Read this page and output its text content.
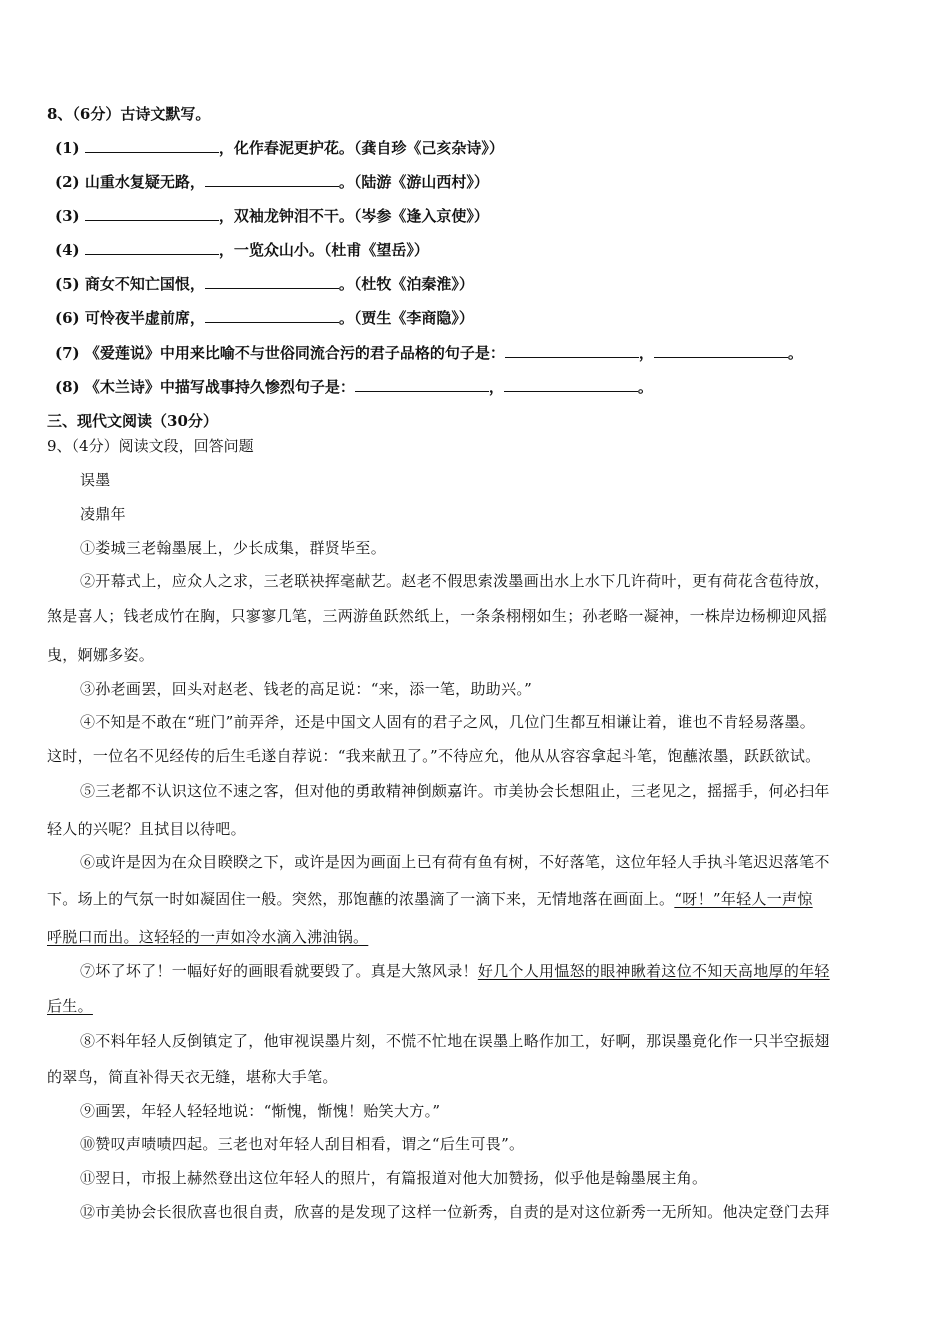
8、（6分）古诗文默写。
(1)	，化作春泥更护花。（龚自珍《己亥杂诗》）
(2) 山重水复疑无路，	。（陆游《游山西村》）
(3)	，双袖龙钟泪不干。（岑参《逢入京使》）
(4)	，一览众山小。（杜甫《望岳》）
(5) 商女不知亡国恨，	。（杜牧《泊秦淮》）
(6) 可怜夜半虚前席，	。（贾生《李商隐》）
(7) 《爱莲说》中用来比喻不与世俗同流合污的君子品格的句子是：	，	。
(8) 《木兰诗》中描写战事持久惨烈句子是：	，	。
三、现代文阅读（30分）
9、（4分）阅读文段，回答问题
误墨
凌鼎年
①娄城三老翰墨展上，少长成集，群贤毕至。
②开幕式上，应众人之求，三老联袂挥毫献艺。赵老不假思索泼墨画出水上水下几许荷叶，更有荷花含苞待放，
煞是喜人；钱老成竹在胸，只寥寥几笔，三两游鱼跃然纸上，一条条栩栩如生；孙老略一凝神，一株岸边杨柳迎风摇
曳，婀娜多姿。
③孙老画罢，回头对赵老、钱老的高足说：“来，添一笔，助助兴。”
④不知是不敢在“班门”前弄斧，还是中国文人固有的君子之风，几位门生都互相谦让着，谁也不肯轻易落墨。
这时，一位名不见经传的后生毛遂自荐说：“我来献丑了。”不待应允，他从从容容拿起斗笔，饱蘸浓墨，跃跃欲试。
⑤三老都不认识这位不速之客，但对他的勇敢精神倒颇嘉许。市美协会长想阻止，三老见之，摇摇手，何必扫年
轻人的兴呢？且拭目以待吧。
⑥或许是因为在众目睽睽之下，或许是因为画面上已有荷有鱼有树，不好落笔，这位年轻人手执斗笔迟迟落笔不
下。场上的气氛一时如凝固住一般。突然，那饱蘸的浓墨滴了一滴下来，无情地落在画面上。“呀！”年轻人一声惊
呼脱口而出。这轻轻的一声如冷水滴入沸油锅。
⑦坏了坏了！一幅好好的画眼看就要毁了。真是大煞风录！好几个人用愠怒的眼神瞅着这位不知天高地厚的年轻
后生。
⑧不料年轻人反倒镇定了，他审视误墨片刻，不慌不忙地在误墨上略作加工，好啊，那误墨竟化作一只半空振翅
的翠鸟，简直补得天衣无缝，堪称大手笔。
⑨画罢，年轻人轻轻地说：“惭愧，惭愧！贻笑大方。”
⑩赞叹声啧啧四起。三老也对年轻人刮目相看，谓之“后生可畏”。
⑪翌日，市报上赫然登出这位年轻人的照片，有篇报道对他大加赞扬，似乎他是翰墨展主角。
⑫市美协会长很欣喜也很自责，欣喜的是发现了这样一位新秀，自责的是对这位新秀一无所知。他决定登门去拜
